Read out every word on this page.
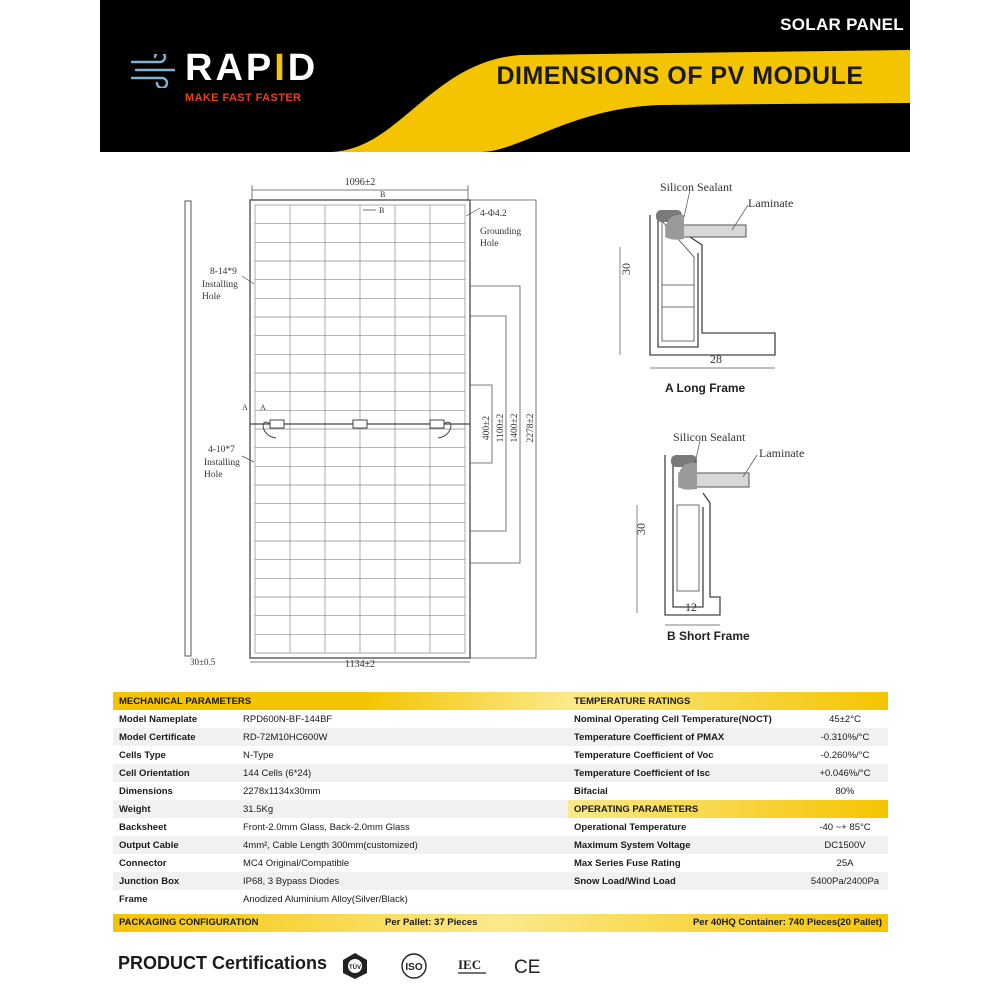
SOLAR PANEL
RAPID
MAKE FAST FASTER
DIMENSIONS OF PV MODULE
1096±2
B
B
1134±2
30±0.5
4-Φ4.2
Grounding
Hole
8-14*9
Installing
Hole
A A
4-10*7
Installing
Hole
400±2 1100±2 1400±2 2278±2
Silicon Sealant
Laminate
30
28
A Long Frame
Silicon Sealant
Laminate
30
12
B Short Frame
MECHANICAL PARAMETERS	
Model Nameplate	RPD600N-BF-144BF
Model Certificate	RD-72M10HC600W
Cells Type	N-Type
Cell Orientation	144 Cells (6*24)
Dimensions	2278x1134x30mm
Weight	31.5Kg
Backsheet	Front-2.0mm Glass, Back-2.0mm Glass
Output Cable	4mm², Cable Length 300mm(customized)
Connector	MC4 Original/Compatible
Junction Box	IP68, 3 Bypass Diodes
Frame	Anodized Aluminium Alloy(Silver/Black)
TEMPERATURE RATINGS	
Nominal Operating Cell Temperature(NOCT)	45±2°C
Temperature Coefficient of PMAX	-0.310%/°C
Temperature Coefficient of Voc	-0.260%/°C
Temperature Coefficient of Isc	+0.046%/°C
Bifacial	80%
OPERATING PARAMETERS	
Operational Temperature	-40 ~+ 85°C
Maximum System Voltage	DC1500V
Max Series Fuse Rating	25A
Snow Load/Wind Load	5400Pa/2400Pa
PACKAGING CONFIGURATION	Per Pallet: 37 Pieces	Per 40HQ Container: 740 Pieces(20 Pallet)
PRODUCT Certifications	TÜV	ISO	IEC CE
